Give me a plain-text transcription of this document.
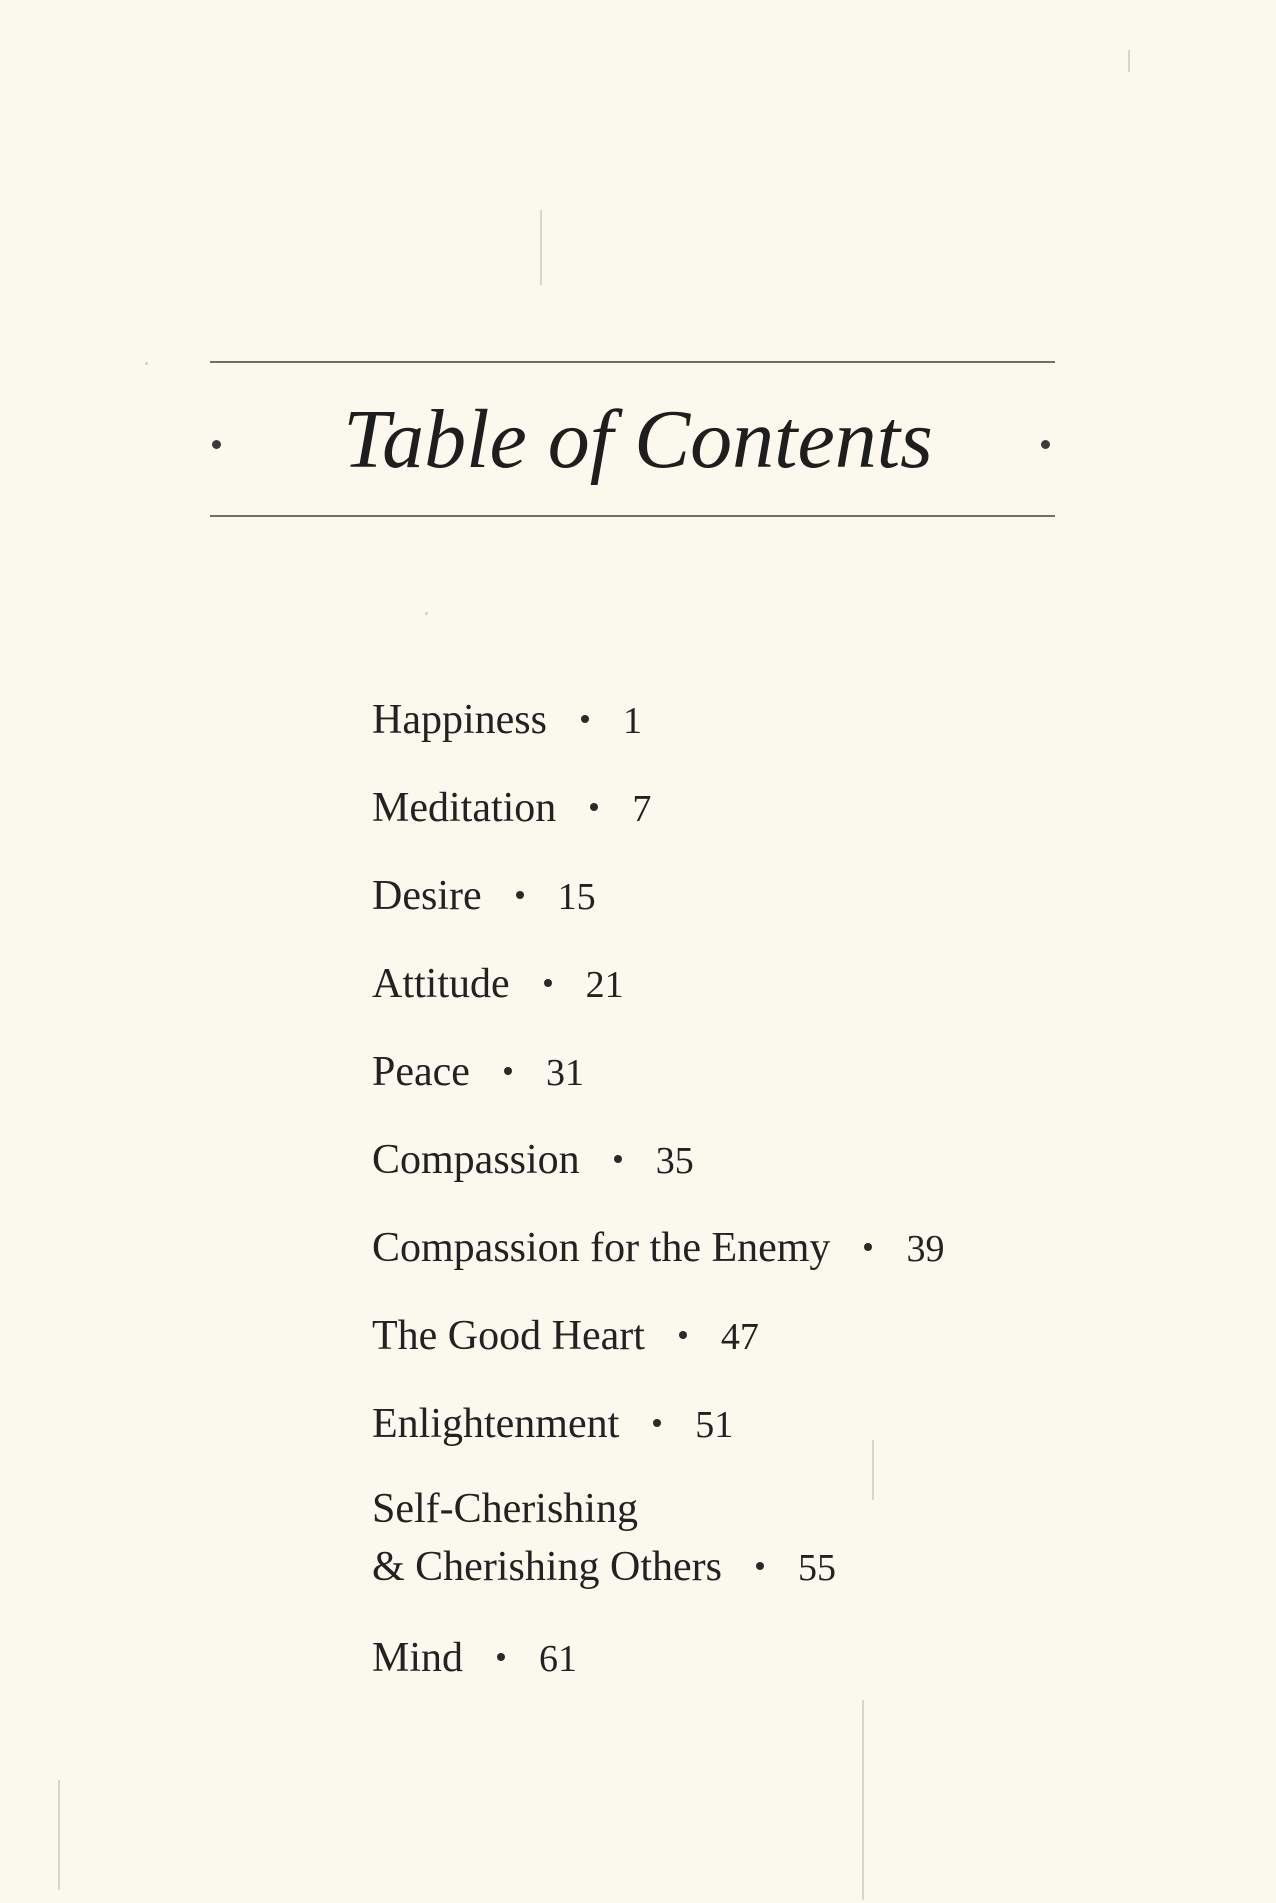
Table of Contents
Happiness 1
Meditation 7
Desire 15
Attitude 21
Peace 31
Compassion 35
Compassion for the Enemy 39
The Good Heart 47
Enlightenment 51
Self-Cherishing
& Cherishing Others 55
Mind 61
